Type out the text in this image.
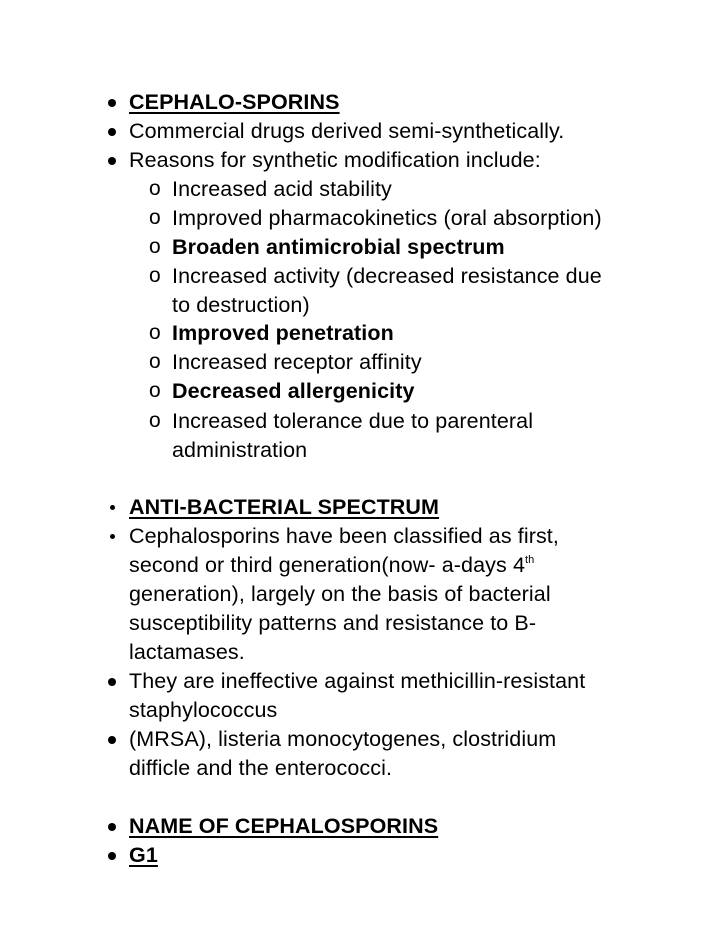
CEPHALO-SPORINS
Commercial drugs derived semi-synthetically.
Reasons for synthetic modification include:
o Increased acid stability
o Improved pharmacokinetics (oral absorption)
o Broaden antimicrobial spectrum
o Increased activity (decreased resistance due
to destruction)
o Improved penetration
o Increased receptor affinity
o Decreased allergenicity
o Increased tolerance due to parenteral
administration
ANTI-BACTERIAL SPECTRUM
Cephalosporins have been classified as first,
second or third generation(now- a-days 4th
generation), largely on the basis of bacterial
susceptibility patterns and resistance to B-
lactamases.
They are ineffective against methicillin-resistant
staphylococcus
(MRSA), listeria monocytogenes, clostridium
difficle and the enterococci.
NAME OF CEPHALOSPORINS
G1
